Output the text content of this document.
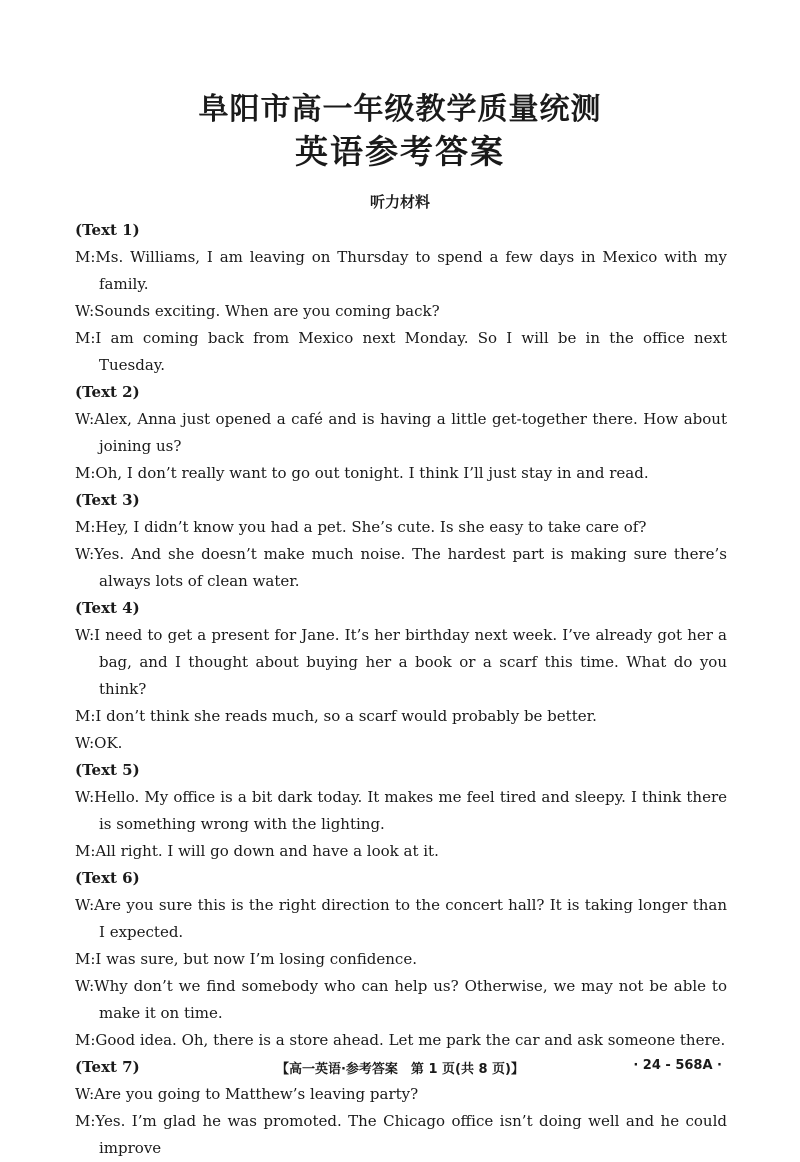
阜阳市高一年级教学质量统测
英语参考答案
听力材料

(Text 1)

M:Ms. Williams, I am leaving on Thursday to spend a few days in Mexico with my family.

W:Sounds exciting. When are you coming back?

M:I am coming back from Mexico next Monday. So I will be in the office next Tuesday.

(Text 2)

W:Alex, Anna just opened a café and is having a little get-together there. How about joining us?

M:Oh, I don’t really want to go out tonight. I think I’ll just stay in and read.

(Text 3)

M:Hey, I didn’t know you had a pet. She’s cute. Is she easy to take care of?

W:Yes. And she doesn’t make much noise. The hardest part is making sure there’s always lots of clean water.

(Text 4)

W:I need to get a present for Jane. It’s her birthday next week. I’ve already got her a bag, and I thought about buying her a book or a scarf this time. What do you think?

M:I don’t think she reads much, so a scarf would probably be better.

W:OK.

(Text 5)

W:Hello. My office is a bit dark today. It makes me feel tired and sleepy. I think there is something wrong with the lighting.

M:All right. I will go down and have a look at it.

(Text 6)

W:Are you sure this is the right direction to the concert hall? It is taking longer than I expected.

M:I was sure, but now I’m losing confidence.

W:Why don’t we find somebody who can help us? Otherwise, we may not be able to make it on time.

M:Good idea. Oh, there is a store ahead. Let me park the car and ask someone there.

(Text 7)

W:Are you going to Matthew’s leaving party?

M:Yes. I’m glad he was promoted. The Chicago office isn’t doing well and he could improve

【高一英语·参考答案　第 1 页(共 8 页)】	· 24 - 568A ·
